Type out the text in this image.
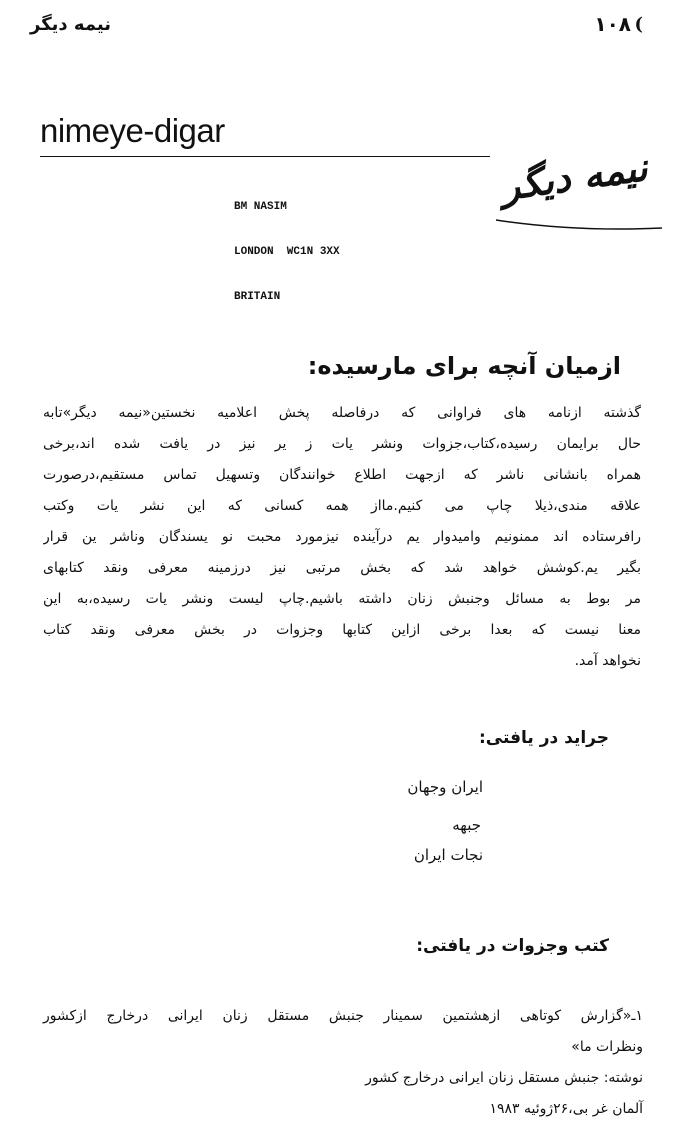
نیمه دیگر	۱۰۸ (
nimeye-digar

BM NASIM

LONDON  WC1N 3XX

BRITAIN

نیمه دیگر
ازمیان آنچه برای مارسیده:
گذشته ازنامه های فراوانی که درفاصله پخش اعلامیه نخستین«نیمه دیگر»تابه
حال برایمان رسیده،کتاب،جزوات ونشر یات ز یر نیز در یافت شده اند،برخی
همراه بانشانی ناشر که ازجهت اطلاع خوانندگان وتسهیل تماس مستقیم،درصورت
علاقه مندی،ذیلا چاپ می کنیم.مااز همه کسانی که این نشر یات وکتب
رافرستاده اند ممنونیم وامیدوار یم درآینده نیزمورد محبت نو یسندگان وناشر ین قرار
بگیر یم.کوشش خواهد شد که بخش مرتبی نیز درزمینه معرفی ونقد کتابهای
مر بوط به مسائل وجنبش زنان داشته باشیم.چاپ لیست ونشر یات رسیده،به این
معنا نیست که بعدا برخی ازاین کتابها وجزوات در بخش معرفی ونقد کتاب
نخواهد آمد.
جراید در یافتی:
ایران وجهان
جبهه
نجات ایران
کتب وجزوات در یافتی:
۱ـ«گزارش کوتاهی ازهشتمین سمینار جنبش مستقل زنان ایرانی درخارج ازکشور
ونظرات ما»
نوشته: جنبش مستقل زنان ایرانی درخارج کشور
آلمان غر بی،۲۶ژوئیه ۱۹۸۳
